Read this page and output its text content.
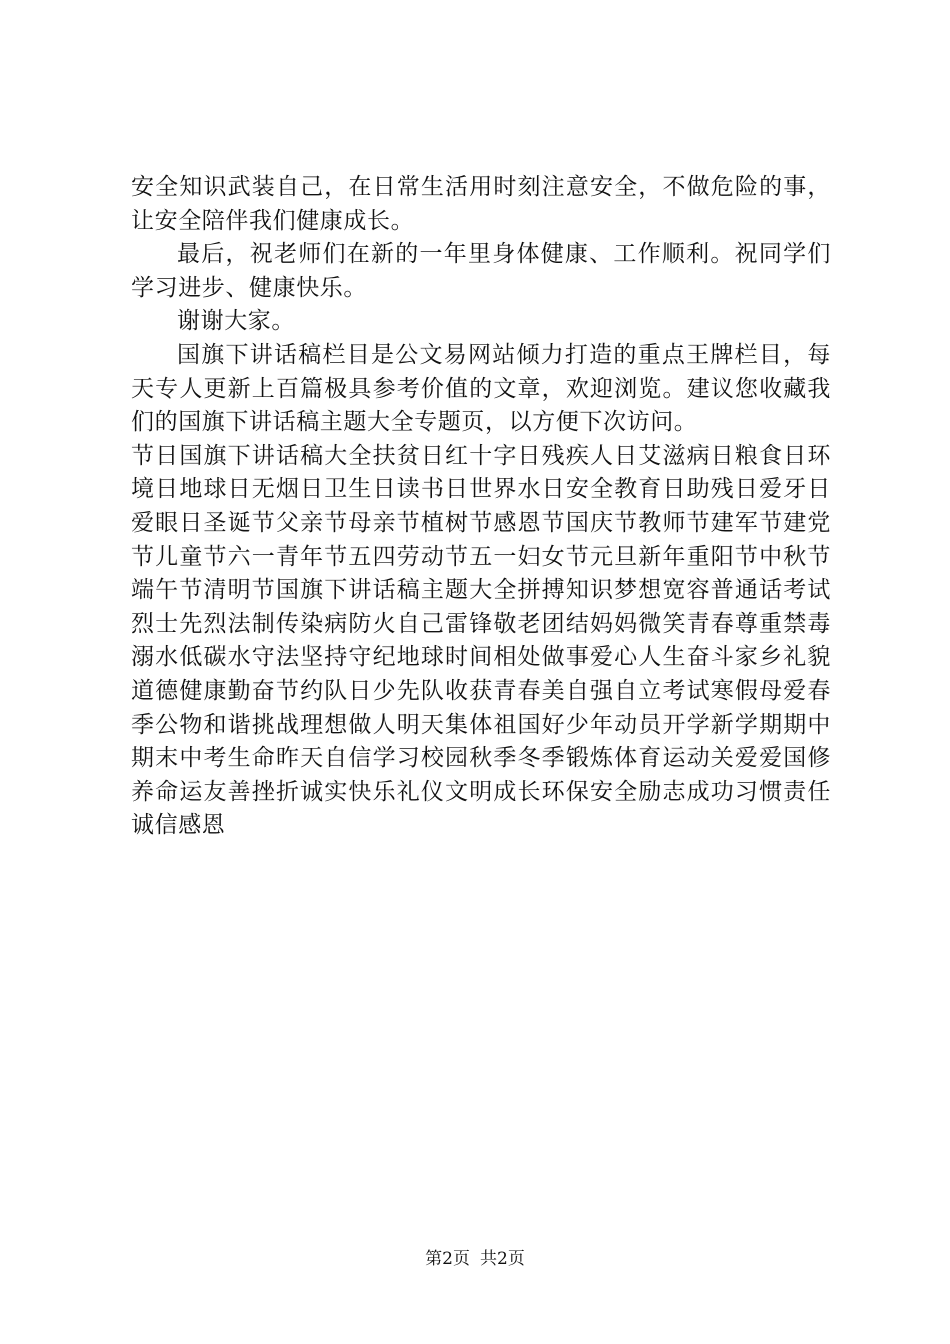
安全知识武装自己，在日常生活用时刻注意安全，不做危险的事，让安全陪伴我们健康成长。

最后，祝老师们在新的一年里身体健康、工作顺利。祝同学们学习进步、健康快乐。

谢谢大家。

国旗下讲话稿栏目是公文易网站倾力打造的重点王牌栏目，每天专人更新上百篇极具参考价值的文章，欢迎浏览。建议您收藏我们的国旗下讲话稿主题大全专题页，以方便下次访问。

节日国旗下讲话稿大全扶贫日红十字日残疾人日艾滋病日粮食日环境日地球日无烟日卫生日读书日世界水日安全教育日助残日爱牙日爱眼日圣诞节父亲节母亲节植树节感恩节国庆节教师节建军节建党节儿童节六一青年节五四劳动节五一妇女节元旦新年重阳节中秋节端午节清明节国旗下讲话稿主题大全拼搏知识梦想宽容普通话考试烈士先烈法制传染病防火自己雷锋敬老团结妈妈微笑青春尊重禁毒溺水低碳水守法坚持守纪地球时间相处做事爱心人生奋斗家乡礼貌道德健康勤奋节约队日少先队收获青春美自强自立考试寒假母爱春季公物和谐挑战理想做人明天集体祖国好少年动员开学新学期期中期末中考生命昨天自信学习校园秋季冬季锻炼体育运动关爱爱国修养命运友善挫折诚实快乐礼仪文明成长环保安全励志成功习惯责任诚信感恩

第2页 共2页
